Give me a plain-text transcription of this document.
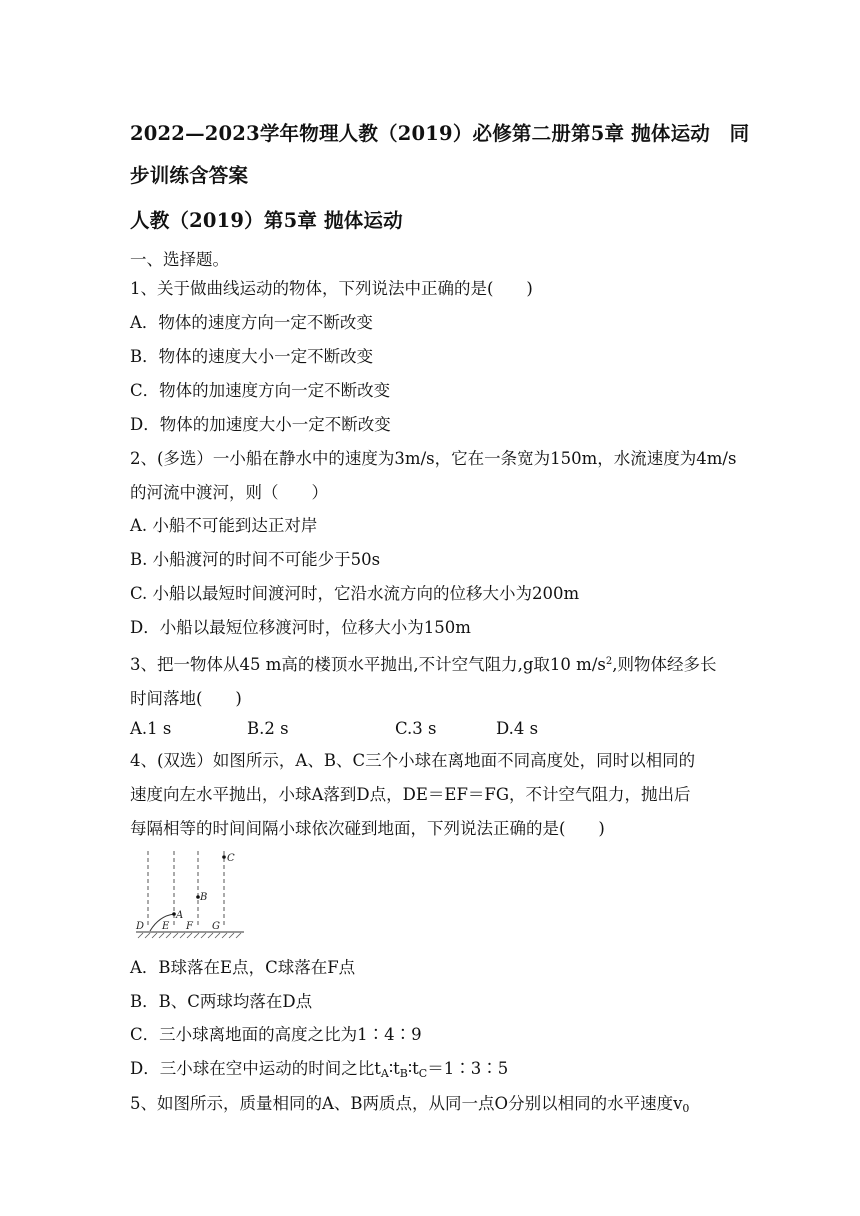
2022—2023学年物理人教（2019）必修第二册第5章 抛体运动　同
步训练含答案
人教（2019）第5章 抛体运动
一、选择题。
1、关于做曲线运动的物体，下列说法中正确的是(　　)
A．物体的速度方向一定不断改变
B．物体的速度大小一定不断改变
C．物体的加速度方向一定不断改变
D．物体的加速度大小一定不断改变
2、(多选）一小船在静水中的速度为3m/s，它在一条宽为150m，水流速度为4m/s
的河流中渡河，则（　　）
A. 小船不可能到达正对岸
B. 小船渡河的时间不可能少于50s
C. 小船以最短时间渡河时，它沿水流方向的位移大小为200m
D．小船以最短位移渡河时，位移大小为150m
3、把一物体从45 m高的楼顶水平抛出,不计空气阻力,g取10 $m/s^2$,则物体经多长
时间落地(　　)
A.1 s	B.2 s	C.3 s	D.4 s
4、(双选）如图所示，A、B、C三个小球在离地面不同高度处，同时以相同的
速度向左水平抛出，小球A落到D点，DE＝EF＝FG，不计空气阻力，抛出后
每隔相等的时间间隔小球依次碰到地面，下列说法正确的是(　　)
A
B
C
D E F G
A．B球落在E点，C球落在F点
B．B、C两球均落在D点
C．三小球离地面的高度之比为1∶4∶9
D．三小球在空中运动的时间之比$t_A∶t_B∶t_C=1∶3∶5$
5、如图所示，质量相同的A、B两质点，从同一点O分别以相同的水平速度$v_0$
